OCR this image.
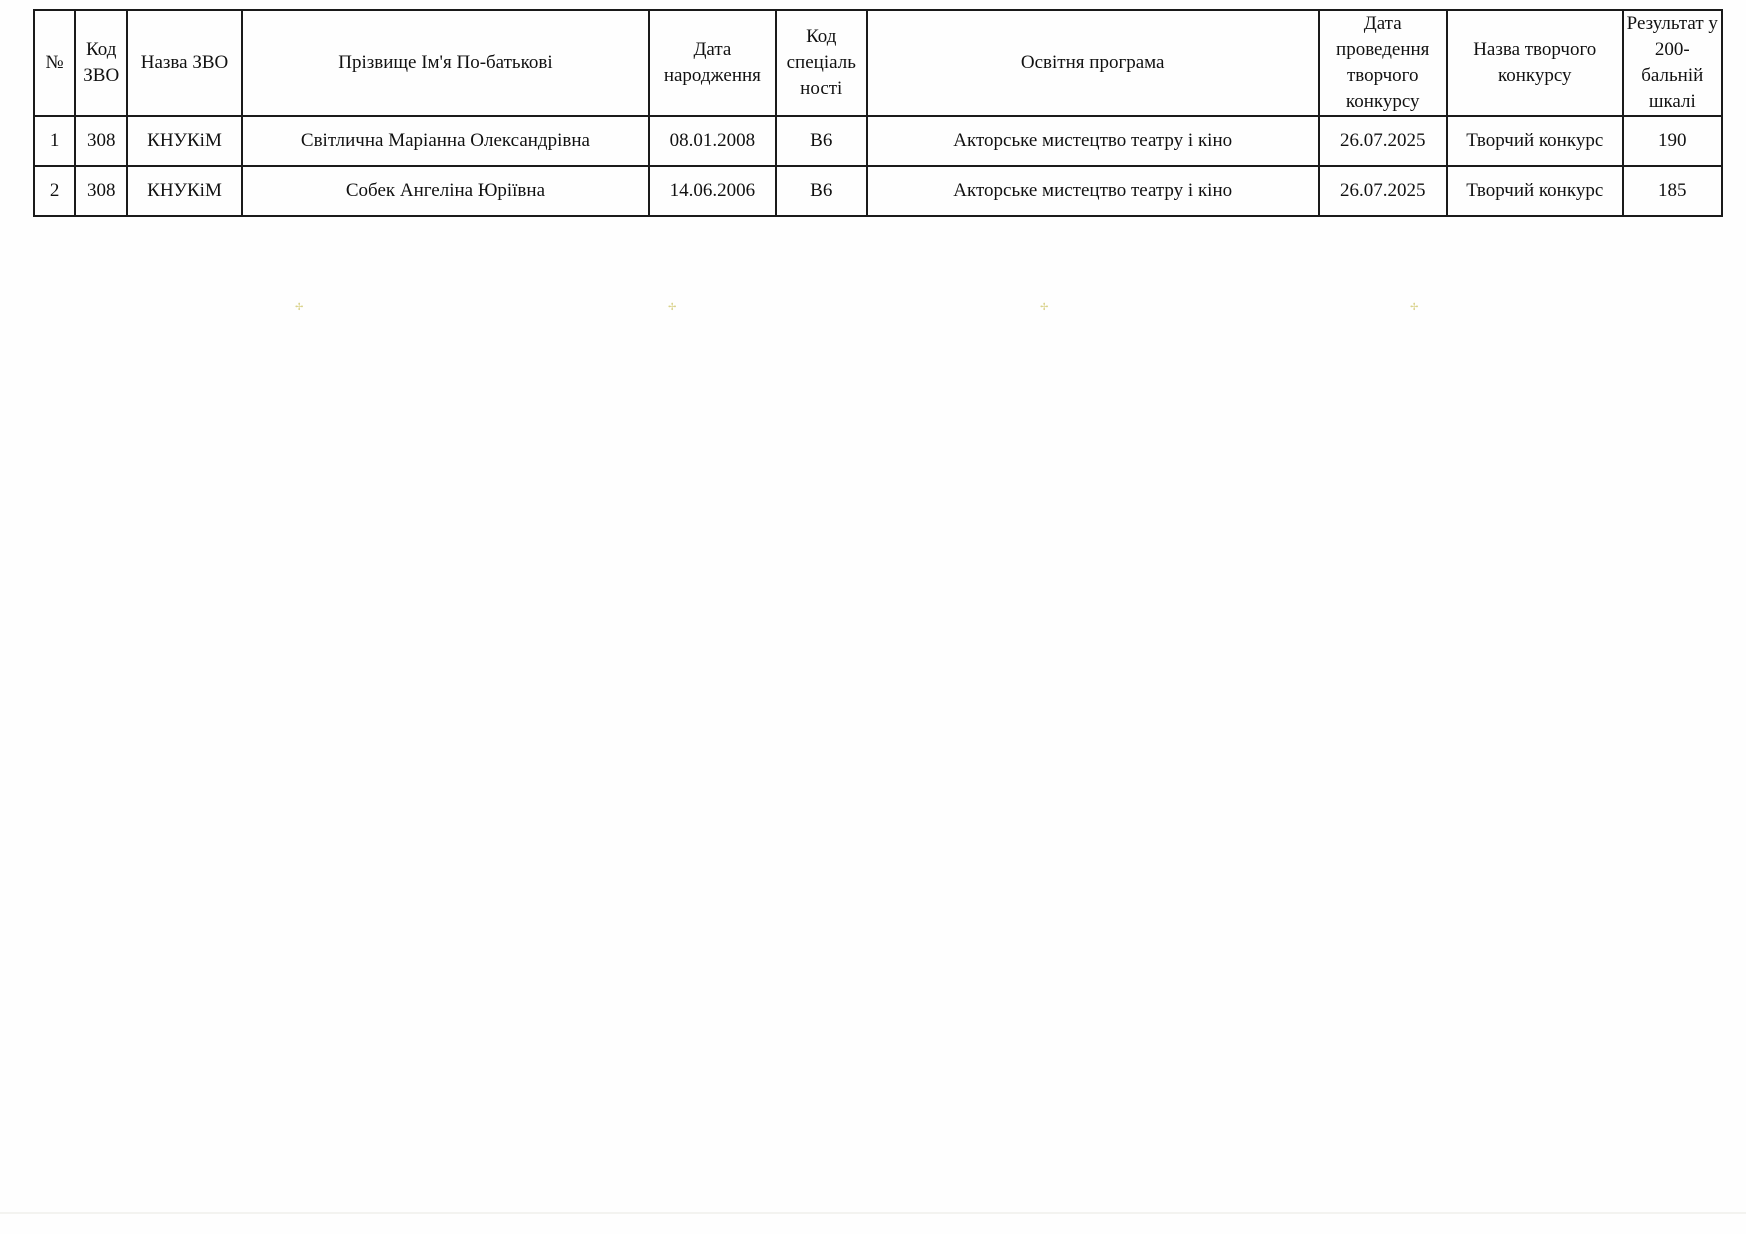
№	Код ЗВО	Назва ЗВО	Прізвище Ім'я По-батькові	Дата народження	Код спеціаль ності	Освітня програма	Дата проведення творчого конкурсу	Назва творчого конкурсу	Результат у 200-бальній шкалі
1	308	КНУКіМ	Світлична Маріанна Олександрівна	08.01.2008	В6	Акторське мистецтво театру і кіно	26.07.2025	Творчий конкурс	190
2	308	КНУКіМ	Собек Ангеліна Юріївна	14.06.2006	В6	Акторське мистецтво театру і кіно	26.07.2025	Творчий конкурс	185
✢	✢	✢	✢
